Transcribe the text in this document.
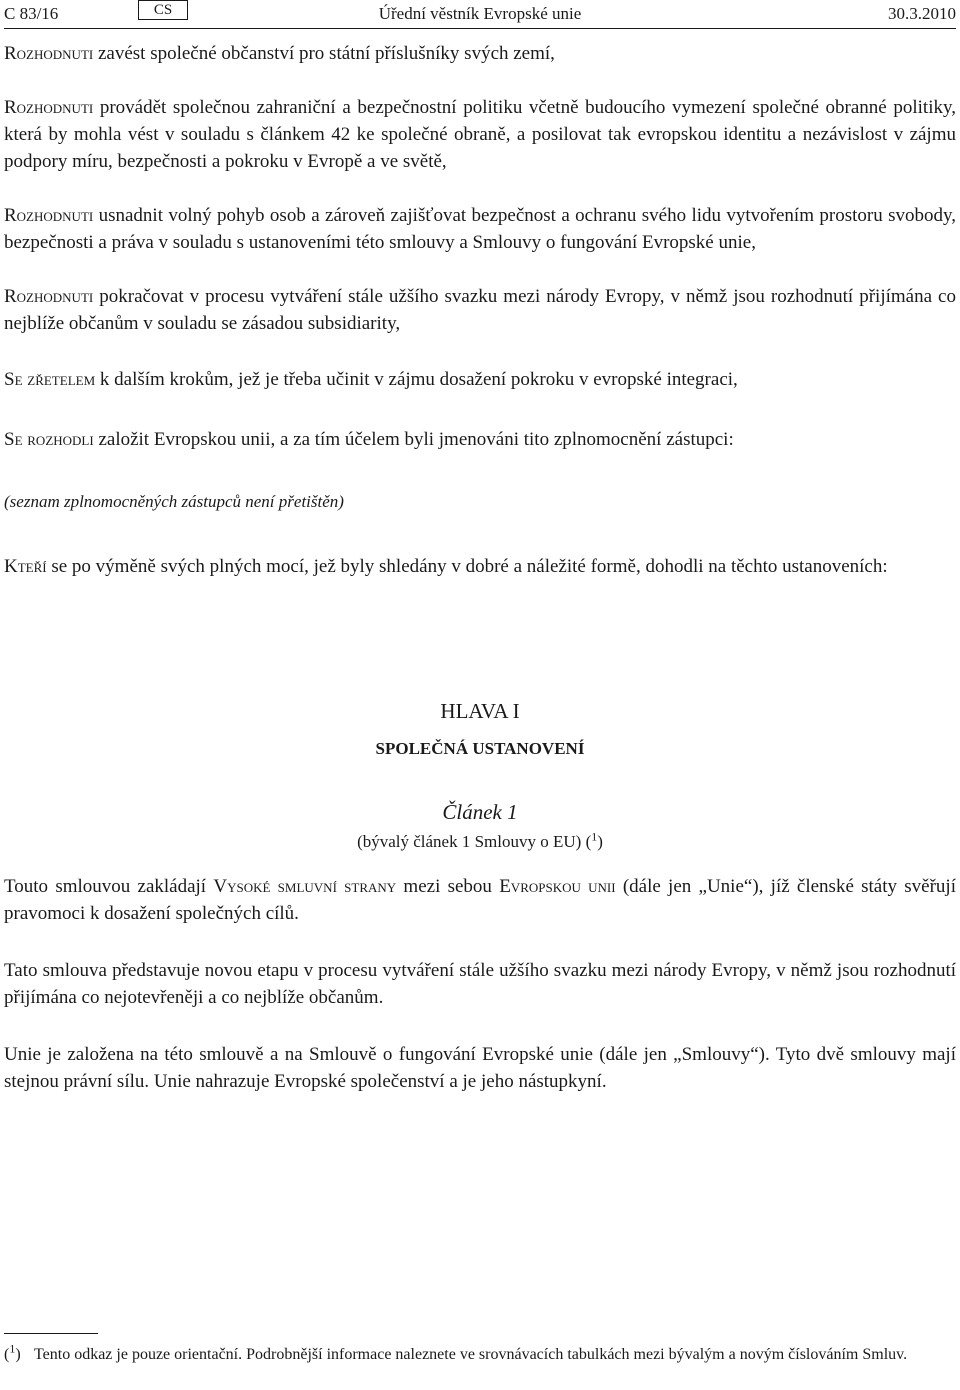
C 83/16	CS	Úřední věstník Evropské unie	30.3.2010

Rozhodnuti zavést společné občanství pro státní příslušníky svých zemí,

Rozhodnuti provádět společnou zahraniční a bezpečnostní politiku včetně budoucího vymezení společné obranné politiky, která by mohla vést v souladu s článkem 42 ke společné obraně, a posilovat tak evropskou identitu a nezávislost v zájmu podpory míru, bezpečnosti a pokroku v Evropě a ve světě,

Rozhodnuti usnadnit volný pohyb osob a zároveň zajišťovat bezpečnost a ochranu svého lidu vytvořením prostoru svobody, bezpečnosti a práva v souladu s ustanoveními této smlouvy a Smlouvy o fungování Evropské unie,

Rozhodnuti pokračovat v procesu vytváření stále užšího svazku mezi národy Evropy, v němž jsou rozhodnutí přijímána co nejblíže občanům v souladu se zásadou subsidiarity,

Se zřetelem k dalším krokům, jež je třeba učinit v zájmu dosažení pokroku v evropské integraci,

Se rozhodli založit Evropskou unii, a za tím účelem byli jmenováni tito zplnomocnění zástupci:

(seznam zplnomocněných zástupců není přetištěn)

Kteří se po výměně svých plných mocí, jež byly shledány v dobré a náležité formě, dohodli na těchto ustanoveních:

HLAVA I

SPOLEČNÁ USTANOVENÍ

Článek 1

(bývalý článek 1 Smlouvy o EU) ($^1$)

Touto smlouvou zakládají Vysoké smluvní strany mezi sebou Evropskou unii (dále jen „Unie“), jíž členské státy svěřují pravomoci k dosažení společných cílů.

Tato smlouva představuje novou etapu v procesu vytváření stále užšího svazku mezi národy Evropy, v němž jsou rozhodnutí přijímána co nejotevřeněji a co nejblíže občanům.

Unie je založena na této smlouvě a na Smlouvě o fungování Evropské unie (dále jen „Smlouvy“). Tyto dvě smlouvy mají stejnou právní sílu. Unie nahrazuje Evropské společenství a je jeho nástupkyní.

($^1$) Tento odkaz je pouze orientační. Podrobnější informace naleznete ve srovnávacích tabulkách mezi bývalým a novým číslováním Smluv.
